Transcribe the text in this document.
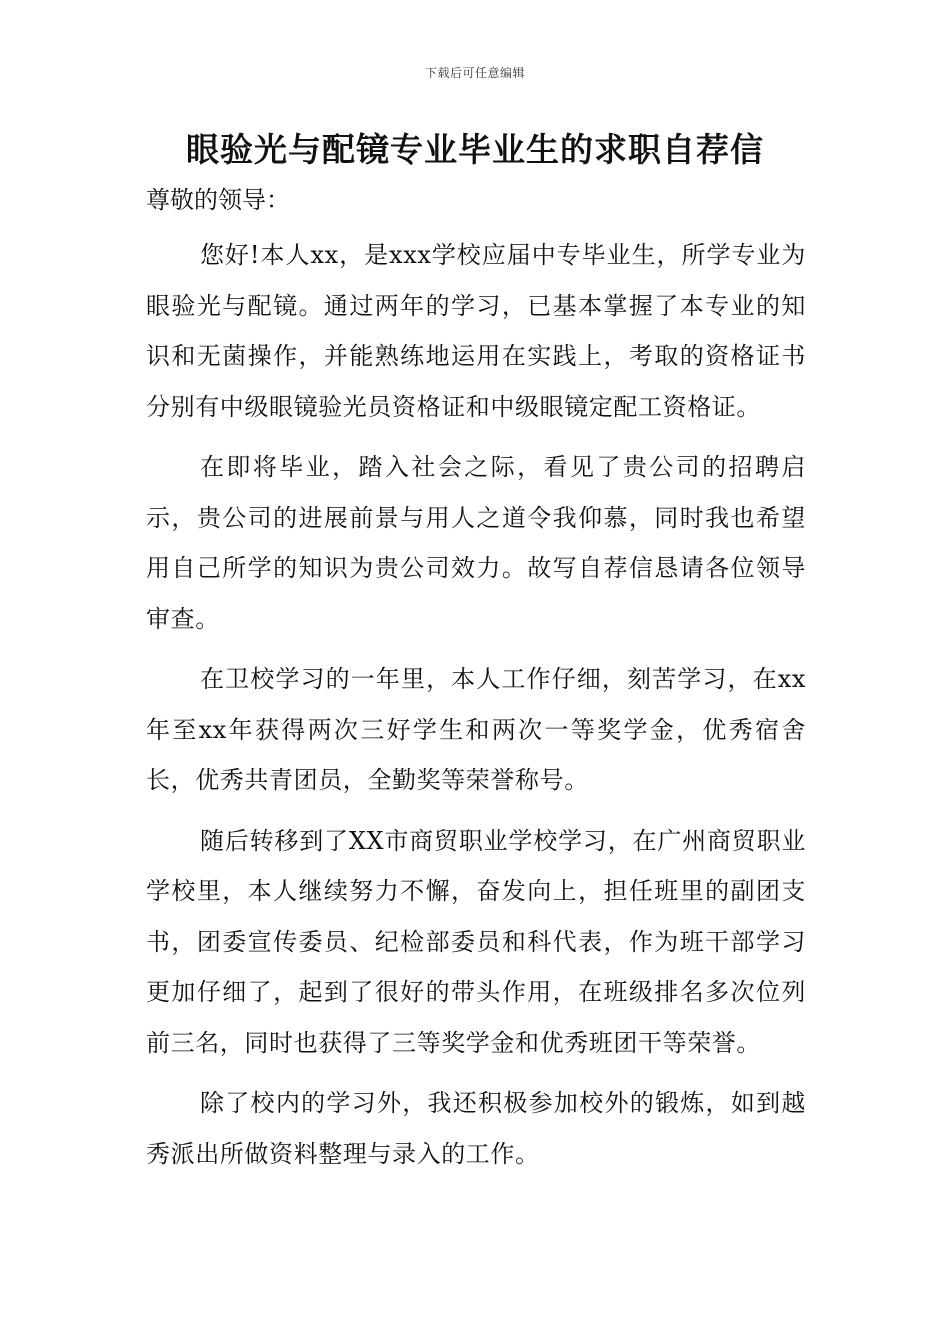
下载后可任意编辑
眼验光与配镜专业毕业生的求职自荐信

尊敬的领导：

您好!本人xx，是xxx学校应届中专毕业生，所学专业为眼验光与配镜。通过两年的学习，已基本掌握了本专业的知识和无菌操作，并能熟练地运用在实践上，考取的资格证书分别有中级眼镜验光员资格证和中级眼镜定配工资格证。

在即将毕业，踏入社会之际，看见了贵公司的招聘启示，贵公司的进展前景与用人之道令我仰慕，同时我也希望用自己所学的知识为贵公司效力。故写自荐信恳请各位领导审查。

在卫校学习的一年里，本人工作仔细，刻苦学习，在xx年至xx年获得两次三好学生和两次一等奖学金，优秀宿舍长，优秀共青团员，全勤奖等荣誉称号。

随后转移到了XX市商贸职业学校学习，在广州商贸职业学校里，本人继续努力不懈，奋发向上，担任班里的副团支书，团委宣传委员、纪检部委员和科代表，作为班干部学习更加仔细了，起到了很好的带头作用，在班级排名多次位列前三名，同时也获得了三等奖学金和优秀班团干等荣誉。

除了校内的学习外，我还积极参加校外的锻炼，如到越秀派出所做资料整理与录入的工作。
